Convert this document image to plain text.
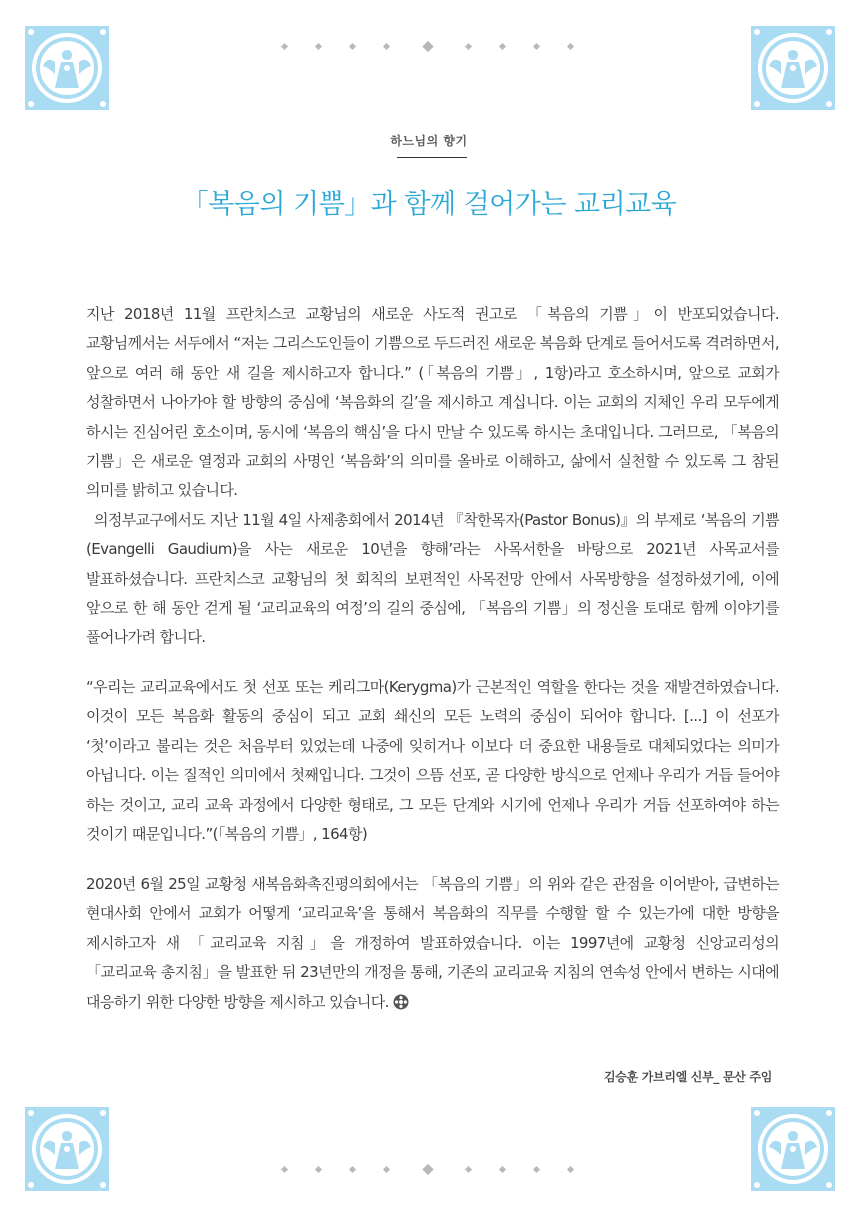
하느님의 향기
「복음의 기쁨」과 함께 걸어가는 교리교육

지난 2018년 11월 프란치스코 교황님의 새로운 사도적 권고로 「복음의 기쁨」이 반포되었습니다. 교황님께서는 서두에서 “저는 그리스도인들이 기쁨으로 두드러진 새로운 복음화 단계로 들어서도록 격려하면서, 앞으로 여러 해 동안 새 길을 제시하고자 합니다.” (「복음의 기쁨」, 1항)라고 호소하시며, 앞으로 교회가 성찰하면서 나아가야 할 방향의 중심에 ‘복음화의 길’을 제시하고 계십니다. 이는 교회의 지체인 우리 모두에게 하시는 진심어린 호소이며, 동시에 ‘복음의 핵심’을 다시 만날 수 있도록 하시는 초대입니다. 그러므로, 「복음의 기쁨」은 새로운 열정과 교회의 사명인 ‘복음화’의 의미를 올바로 이해하고, 삶에서 실천할 수 있도록 그 참된 의미를 밝히고 있습니다.

의정부교구에서도 지난 11월 4일 사제총회에서 2014년 『착한목자(Pastor Bonus)』의 부제로 ‘복음의 기쁨(Evangelli Gaudium)을 사는 새로운 10년을 향해’라는 사목서한을 바탕으로 2021년 사목교서를 발표하셨습니다. 프란치스코 교황님의 첫 회칙의 보편적인 사목전망 안에서 사목방향을 설정하셨기에, 이에 앞으로 한 해 동안 걷게 될 ‘교리교육의 여정’의 길의 중심에, 「복음의 기쁨」의 정신을 토대로 함께 이야기를 풀어나가려 합니다.

“우리는 교리교육에서도 첫 선포 또는 케리그마(Kerygma)가 근본적인 역할을 한다는 것을 재발견하였습니다. 이것이 모든 복음화 활동의 중심이 되고 교회 쇄신의 모든 노력의 중심이 되어야 합니다. [...] 이 선포가 ‘첫’이라고 불리는 것은 처음부터 있었는데 나중에 잊히거나 이보다 더 중요한 내용들로 대체되었다는 의미가 아닙니다. 이는 질적인 의미에서 첫째입니다. 그것이 으뜸 선포, 곧 다양한 방식으로 언제나 우리가 거듭 들어야 하는 것이고, 교리 교육 과정에서 다양한 형태로, 그 모든 단계와 시기에 언제나 우리가 거듭 선포하여야 하는 것이기 때문입니다.”(「복음의 기쁨」, 164항)

2020년 6월 25일 교황청 새복음화촉진평의회에서는 「복음의 기쁨」의 위와 같은 관점을 이어받아, 급변하는 현대사회 안에서 교회가 어떻게 ‘교리교육’을 통해서 복음화의 직무를 수행할 할 수 있는가에 대한 방향을 제시하고자 새 「교리교육 지침」을 개정하여 발표하였습니다. 이는 1997년에 교황청 신앙교리성의 「교리교육 총지침」을 발표한 뒤 23년만의 개정을 통해, 기존의 교리교육 지침의 연속성 안에서 변하는 시대에 대응하기 위한 다양한 방향을 제시하고 있습니다.

김승훈 가브리엘 신부_ 문산 주임
